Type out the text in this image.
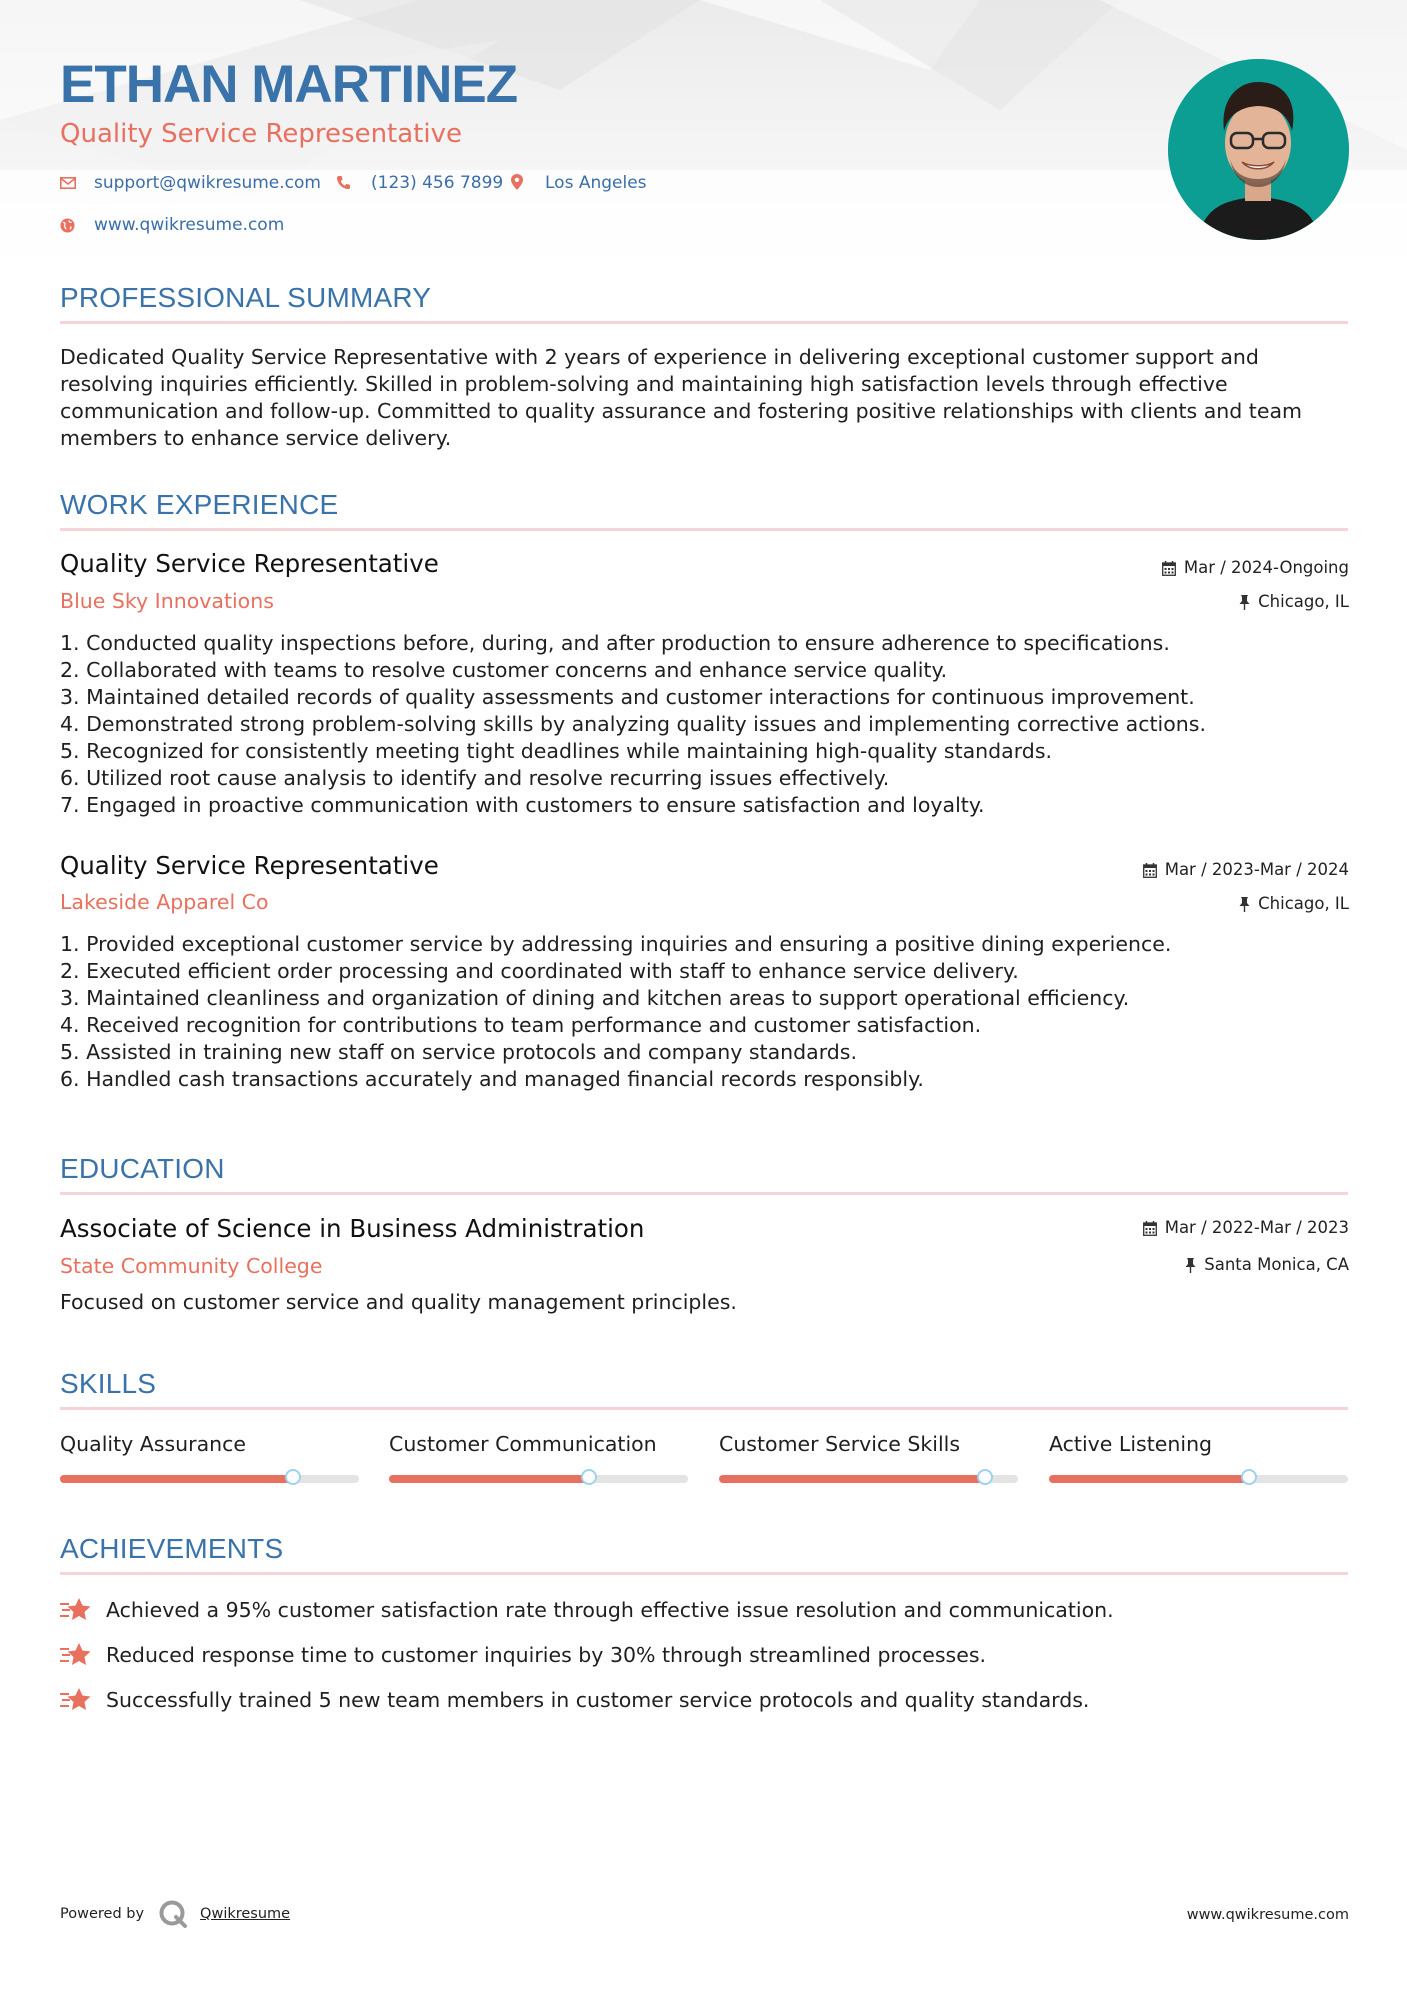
ETHAN MARTINEZ
Quality Service Representative
support@qwikresume.com	(123) 456 7899 Los Angeles
www.qwikresume.com
PROFESSIONAL SUMMARY

Dedicated Quality Service Representative with 2 years of experience in delivering exceptional customer support and resolving inquiries efficiently. Skilled in problem-solving and maintaining high satisfaction levels through effective communication and follow-up. Committed to quality assurance and fostering positive relationships with clients and team members to enhance service delivery.

WORK EXPERIENCE
Quality Service Representative	Mar / 2024-Ongoing
Blue Sky Innovations	Chicago, IL
1. Conducted quality inspections before, during, and after production to ensure adherence to specifications.
2. Collaborated with teams to resolve customer concerns and enhance service quality.
3. Maintained detailed records of quality assessments and customer interactions for continuous improvement.
4. Demonstrated strong problem-solving skills by analyzing quality issues and implementing corrective actions.
5. Recognized for consistently meeting tight deadlines while maintaining high-quality standards.
6. Utilized root cause analysis to identify and resolve recurring issues effectively.
7. Engaged in proactive communication with customers to ensure satisfaction and loyalty.
Quality Service Representative	Mar / 2023-Mar / 2024
Lakeside Apparel Co	Chicago, IL
1. Provided exceptional customer service by addressing inquiries and ensuring a positive dining experience.
2. Executed efficient order processing and coordinated with staff to enhance service delivery.
3. Maintained cleanliness and organization of dining and kitchen areas to support operational efficiency.
4. Received recognition for contributions to team performance and customer satisfaction.
5. Assisted in training new staff on service protocols and company standards.
6. Handled cash transactions accurately and managed financial records responsibly.
EDUCATION
Associate of Science in Business Administration	Mar / 2022-Mar / 2023
State Community College	Santa Monica, CA

Focused on customer service and quality management principles.

SKILLS
Quality Assurance	Customer Communication	Customer Service Skills	Active Listening
ACHIEVEMENTS
Achieved a 95% customer satisfaction rate through effective issue resolution and communication.
Reduced response time to customer inquiries by 30% through streamlined processes.
Successfully trained 5 new team members in customer service protocols and quality standards.
Powered by	Qwikresume	www.qwikresume.com
